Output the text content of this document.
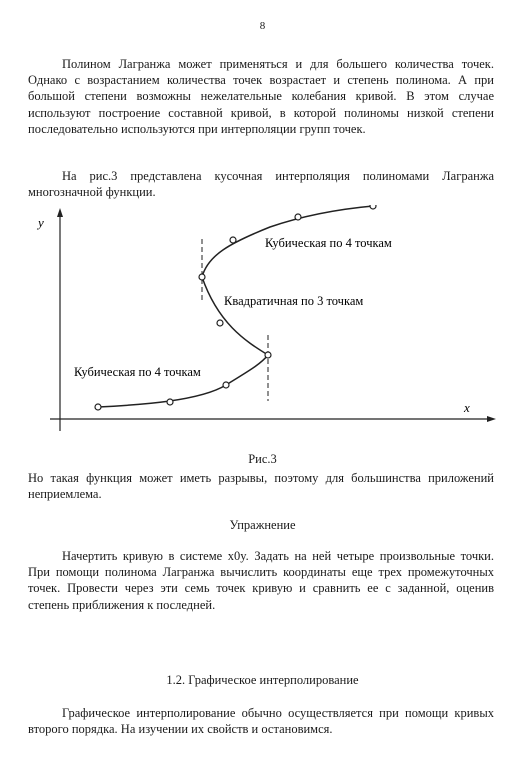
8

Полином Лагранжа может применяться и для большего количества точек. Однако с возрастанием количества точек возрастает и степень полинома. А при большой степени возможны нежелательные колебания кривой. В этом случае используют построение составной кривой, в которой полиномы низкой степени последовательно используются при интерполяции групп точек.

На рис.3 представлена кусочная интерполяция полиномами Лагранжа многозначной функции.

y
x
Кубическая по 4 точкам
Квадратичная по 3 точкам
Кубическая по 4 точкам
Рис.3

Но такая функция может иметь разрывы, поэтому для большинства приложений неприемлема.

Упражнение

Начертить кривую в системе x0y. Задать на ней четыре произвольные точки. При помощи полинома Лагранжа вычислить координаты еще трех промежуточных точек. Провести через эти семь точек кривую и сравнить ее с заданной, оценив степень приближения к последней.

1.2. Графическое интерполирование

Графическое интерполирование обычно осуществляется при помощи кривых второго порядка. На изучении их свойств и остановимся.
